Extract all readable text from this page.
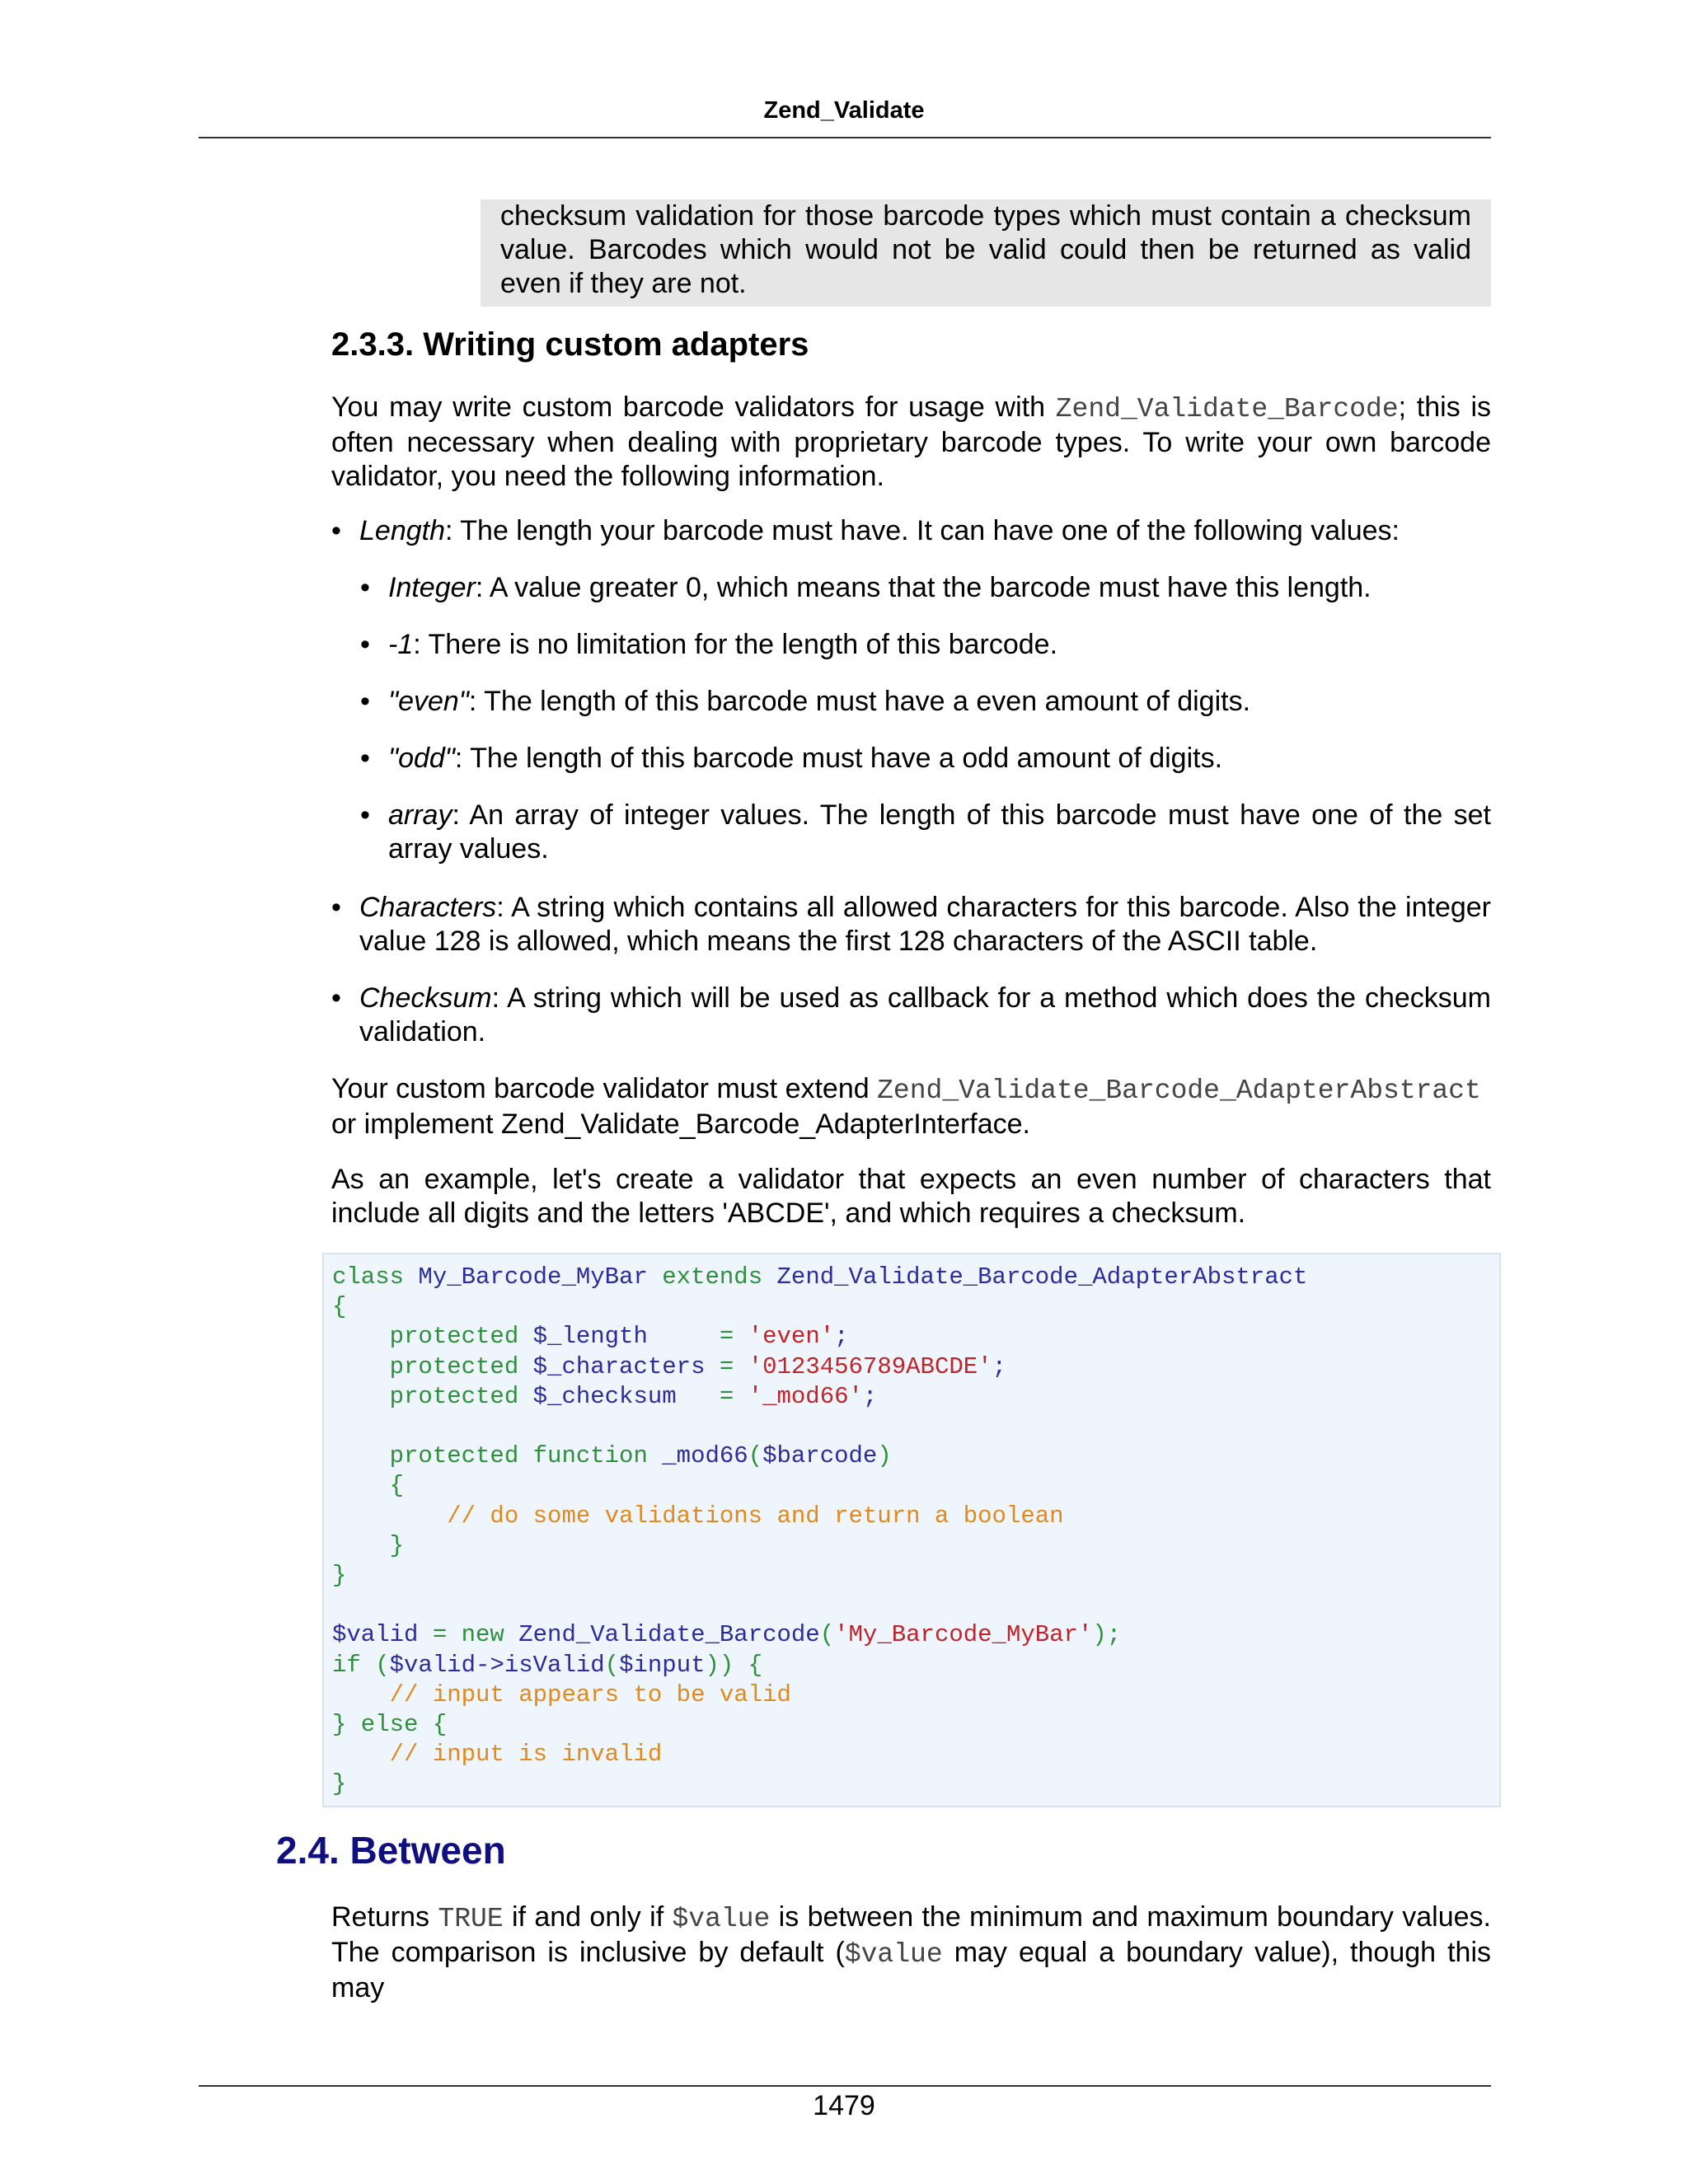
Zend_Validate

checksum validation for those barcode types which must contain a checksum value. Barcodes which would not be valid could then be returned as valid even if they are not.

2.3.3. Writing custom adapters

You may write custom barcode validators for usage with Zend_Validate_Barcode; this is often necessary when dealing with proprietary barcode types. To write your own barcode validator, you need the following information.

• Length: The length your barcode must have. It can have one of the following values:
• Integer: A value greater 0, which means that the barcode must have this length.
• -1: There is no limitation for the length of this barcode.
• "even": The length of this barcode must have a even amount of digits.
• "odd": The length of this barcode must have a odd amount of digits.
• array: An array of integer values. The length of this barcode must have one of the set array values.
• Characters: A string which contains all allowed characters for this barcode. Also the integer value 128 is allowed, which means the first 128 characters of the ASCII table.
• Checksum: A string which will be used as callback for a method which does the checksum validation.

Your custom barcode validator must extend Zend_Validate_Barcode_AdapterAbstract or implement Zend_Validate_Barcode_AdapterInterface.

As an example, let's create a validator that expects an even number of characters that include all digits and the letters 'ABCDE', and which requires a checksum.

class My_Barcode_MyBar extends Zend_Validate_Barcode_AdapterAbstract
{
protected $_length     = 'even';
protected $_characters = '0123456789ABCDE';
protected $_checksum   = '_mod66';

protected function _mod66($barcode)
{
// do some validations and return a boolean
}
}

$valid = new Zend_Validate_Barcode('My_Barcode_MyBar');
if ($valid->isValid($input)) {
// input appears to be valid
} else {
// input is invalid
}
2.4. Between

Returns TRUE if and only if $value is between the minimum and maximum boundary values. The comparison is inclusive by default ($value may equal a boundary value), though this may

1479
